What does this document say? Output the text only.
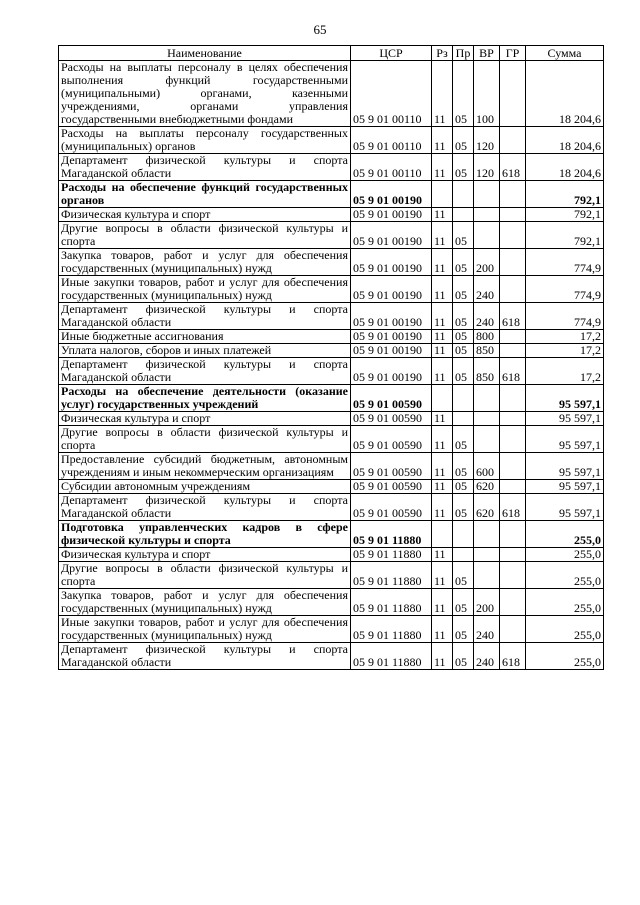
65
Наименование	ЦСР	Рз	Пр	ВР	ГР	Сумма
Расходы на выплаты персоналу в целях обеспечения выполнения функций государственными (муниципальными) органами, казенными учреждениями, органами управления государственными внебюджетными фондами	05 9 01 00110	11	05	100		18 204,6
Расходы на выплаты персоналу государственных (муниципальных) органов	05 9 01 00110	11	05	120		18 204,6
Департамент физической культуры и спорта Магаданской области	05 9 01 00110	11	05	120	618	18 204,6
Расходы на обеспечение функций государственных органов	05 9 01 00190					792,1
Физическая культура и спорт	05 9 01 00190	11				792,1
Другие вопросы в области физической культуры и спорта	05 9 01 00190	11	05			792,1
Закупка товаров, работ и услуг для обеспечения государственных (муниципальных) нужд	05 9 01 00190	11	05	200		774,9
Иные закупки товаров, работ и услуг для обеспечения государственных (муниципальных) нужд	05 9 01 00190	11	05	240		774,9
Департамент физической культуры и спорта Магаданской области	05 9 01 00190	11	05	240	618	774,9
Иные бюджетные ассигнования	05 9 01 00190	11	05	800		17,2
Уплата налогов, сборов и иных платежей	05 9 01 00190	11	05	850		17,2
Департамент физической культуры и спорта Магаданской области	05 9 01 00190	11	05	850	618	17,2
Расходы на обеспечение деятельности (оказание услуг) государственных учреждений	05 9 01 00590					95 597,1
Физическая культура и спорт	05 9 01 00590	11				95 597,1
Другие вопросы в области физической культуры и спорта	05 9 01 00590	11	05			95 597,1
Предоставление субсидий бюджетным, автономным учреждениям и иным некоммерческим организациям	05 9 01 00590	11	05	600		95 597,1
Субсидии автономным учреждениям	05 9 01 00590	11	05	620		95 597,1
Департамент физической культуры и спорта Магаданской области	05 9 01 00590	11	05	620	618	95 597,1
Подготовка управленческих кадров в сфере физической культуры и спорта	05 9 01 11880					255,0
Физическая культура и спорт	05 9 01 11880	11				255,0
Другие вопросы в области физической культуры и спорта	05 9 01 11880	11	05			255,0
Закупка товаров, работ и услуг для обеспечения государственных (муниципальных) нужд	05 9 01 11880	11	05	200		255,0
Иные закупки товаров, работ и услуг для обеспечения государственных (муниципальных) нужд	05 9 01 11880	11	05	240		255,0
Департамент физической культуры и спорта Магаданской области	05 9 01 11880	11	05	240	618	255,0
